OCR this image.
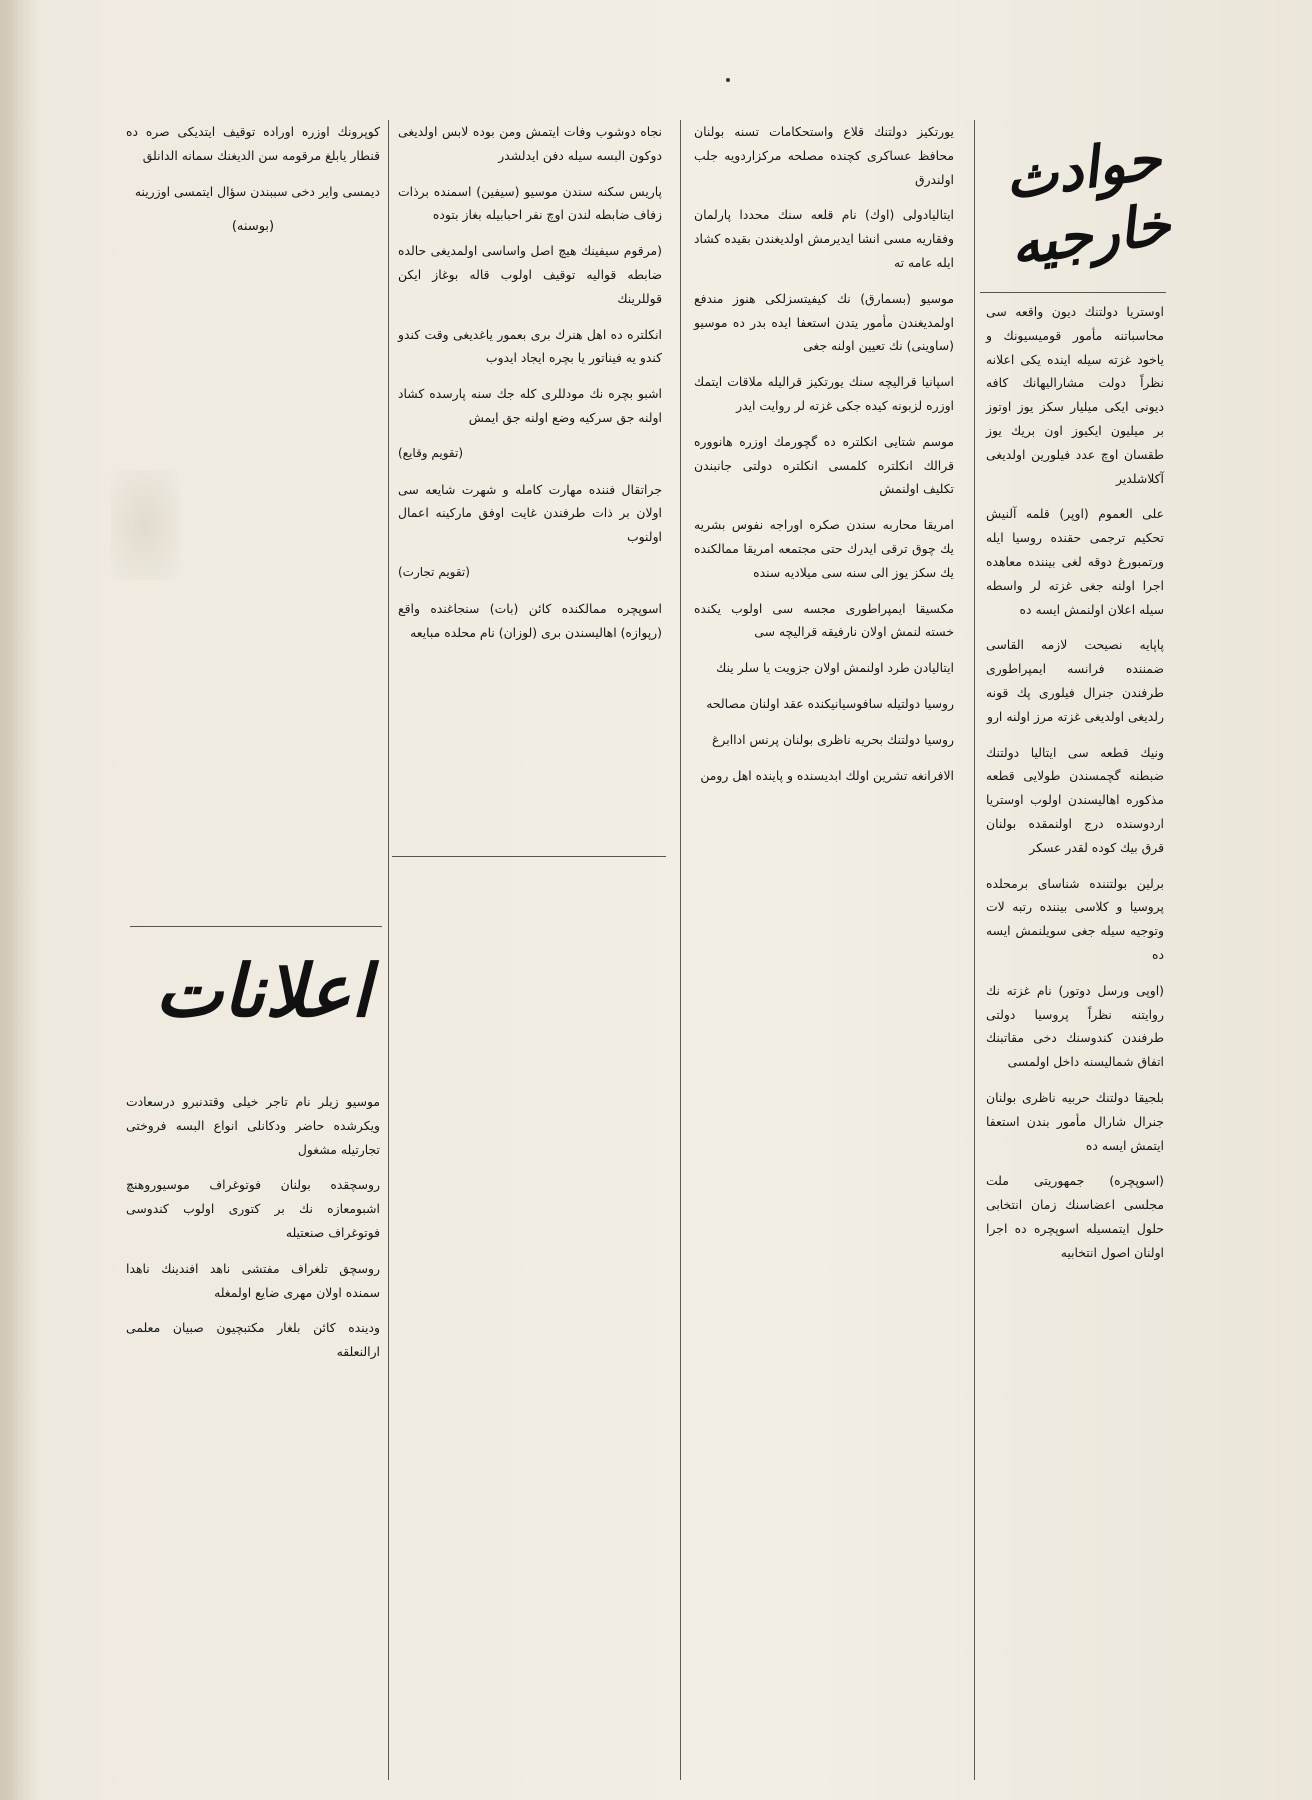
حوادث خارجیه

اوستریا دولتنك دیون واقعه سی محاسباتنه مأمور قومیسیونك و یاخود غزته سیله اینده یکی اعلانه نظراً دولت مشارالیهانك كافه دیونی ایکی میلیار سکز یوز اوتوز بر میلیون ایکیوز اون بریك یوز طقسان اوچ عدد فیلورین اولدیغی آكلاشلدیر

علی العموم (اوپر) قلمه آلنیش تحکیم ترجمی حقنده روسیا ایله ورتمبورغ دوقه لغی بیننده معاهده اجرا اولنه جغی غزته لر واسطه سیله اعلان اولنمش ایسه ده

پاپایه نصیحت لازمه القاسی ضمننده فرانسه ایمپراطوری طرفندن جنرال فیلوری پك قونه رلدیغی اولدیغی غزته مرز اولنه ارو

ونیك قطعه سی ایتالیا دولتنك ضبطنه گچمسندن طولایی قطعه مذکوره اهالیسندن اولوب اوستریا اردوسنده درج اولنمقده بولنان قرق بیك كوده لقدر عسكر

برلین بولتننده شناسای برمحلده پروسیا و کلاسی بیننده رتبه لات وتوجیه سیله جغی سویلنمش ایسه ده

(اوپی ورسل دوتور) نام غزته نك روایتنه نظراً پروسیا دولتی طرفندن کندوسنك دخی مقاتبنك اتفاق شمالیسنه داخل اولمسی

بلجیقا دولتنك حربیه ناظری بولنان جنرال شارال مأمور بندن استعفا ایتمش ایسه ده

(اسوپچره) جمهوریتی ملت مجلسی اعضاسنك زمان انتخابی حلول ایتمسیله اسوپچره ده اجرا اولنان اصول انتخابیه

یورتکیز دولتنك قلاع واستحکامات تسنه بولنان محافظ عساکری کچنده مصلحه مرکزاردویه جلب اولندرق

ایتالیادولی (اوك) نام قلعه سنك محددا پارلمان وفقاریه مسی انشا ایدیرمش اولدیغندن بقیده کشاد ایله عامه ته

موسیو (بسمارق) نك كیفیتسزلكی هنوز مندفع اولمدیغندن مأمور یتدن استعفا ایده بدر ده موسیو (ساوینی) نك تعیین اولنه جغی

اسپانیا قرالیچه سنك یورتکیز قرالیله ملاقات ایتمك اوزره لزبونه کیده جکی غزته لر روایت ایدر

موسم شتایی انکلتره ده گچورمك اوزره هانووره قرالك انکلتره کلمسی انکلتره دولتی جانبندن تکلیف اولنمش

امریقا محاربه سندن صکره اوراجه نفوس بشریه یك چوق ترقی ایدرك حتی مجتمعه امریقا ممالکنده یك سکز یوز الی سنه سی میلادیه سنده

مکسیقا ایمپراطوری مجسه سی اولوب یکنده خسته لنمش اولان نارفیقه قرالیچه سی

ایتالیادن طرد اولنمش اولان جزویت یا سلر ینك

روسیا دولتیله سافوسیانیکنده عقد اولنان مصالحه

روسیا دولتنك بحریه ناظری بولنان پرنس اداابرغ

الافرانغه تشرین اولك ابدیسنده و پاینده اهل رومن

نجاه دوشوب وفات ایتمش ومن بوده لابس اولدیغی دوکون البسه سیله دفن ایدلشدر

پاریس سکنه سندن موسیو (سیفین) اسمنده برذات زفاف ضابطه لندن اوچ نفر احبابیله بغاز بتوده

(مرقوم سیفینك هیچ اصل واساسی اولمدیغی حالده ضابطه قوالیه توقیف اولوب قاله بوغاز ایکن قوللرینك

انکلتره ده اهل هنرك بری بعمور یاغدیغی وقت کندو کندو یه فیناتور یا بچره ایجاد ایدوب

اشبو بچره نك مودللری کله جك سنه پارسده کشاد اولنه جق سرکیه وضع اولنه جق ایمش

(تقویم وقایع)

جراتقال فننده مهارت کامله و شهرت شایعه سی اولان بر ذات طرفندن غایت اوفق مارکینه اعمال اولنوب

(تقویم تجارت)

اسوپچره ممالکنده کائن (بات) سنجاغنده واقع (رپوازه) اهالیسندن بری (لوزان) نام محلده مبایعه

کوپرونك اوزره اوراده توقیف ایتدیکی صره ده قنطار یابلغ مرقومه سن الدیغنك سمانه الدانلق

دیمسی وایر دخی سببندن سؤال ایتمسی اوزرینه

(بوسنه)
اعلانات

موسیو زیلر نام تاجر خیلی وقتدنبرو درسعادت ویکرشده حاضر ودکانلی انواع البسه فروختی تجارتیله مشغول

روسچقده بولنان فوتوغراف موسیوروهنچ اشبومعازه نك بر کتوری اولوب کندوسی فوتوغراف صنعتیله

روسچق تلغراف مفتشی ناهد افندینك ناهدا سمنده اولان مهری ضایع اولمغله

ودینده کائن بلغار مکتبچیون صبیان معلمی ارالنعلقه
